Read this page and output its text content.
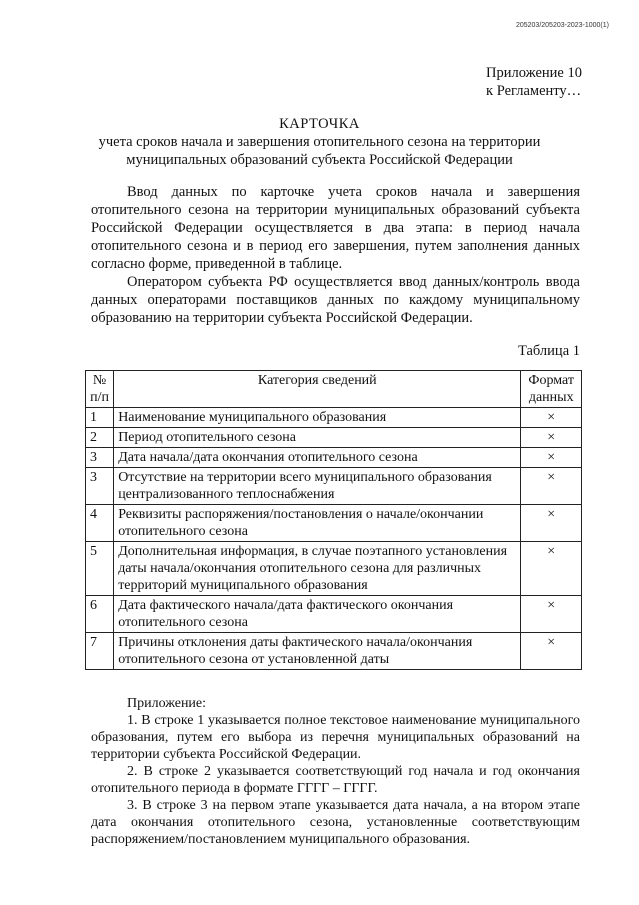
205203/205203-2023-1000(1)
Приложение 10
к Регламенту…
КАРТОЧКА
учета сроков начала и завершения отопительного сезона на территории
муниципальных образований субъекта Российской Федерации

Ввод данных по карточке учета сроков начала и завершения отопительного сезона на территории муниципальных образований субъекта Российской Федерации осуществляется в два этапа: в период начала отопительного сезона и в период его завершения, путем заполнения данных согласно форме, приведенной в таблице.

Оператором субъекта РФ осуществляется ввод данных/контроль ввода данных операторами поставщиков данных по каждому муниципальному образованию на территории субъекта Российской Федерации.

Таблица 1
№ п/п	Категория сведений	Формат данных
1	Наименование муниципального образования	×
2	Период отопительного сезона	×
3	Дата начала/дата окончания отопительного сезона	×
3	Отсутствие на территории всего муниципального образования централизованного теплоснабжения	×
4	Реквизиты распоряжения/постановления о начале/окончании отопительного сезона	×
5	Дополнительная информация, в случае поэтапного установления даты начала/окончания отопительного сезона для различных территорий муниципального образования	×
6	Дата фактического начала/дата фактического окончания отопительного сезона	×
7	Причины отклонения даты фактического начала/окончания отопительного сезона от установленной даты	×
Приложение:

1. В строке 1 указывается полное текстовое наименование муниципального образования, путем его выбора из перечня муниципальных образований на территории субъекта Российской Федерации.

2. В строке 2 указывается соответствующий год начала и год окончания отопительного периода в формате ГГГГ – ГГГГ.

3. В строке 3 на первом этапе указывается дата начала, а на втором этапе дата окончания отопительного сезона, установленные соответствующим распоряжением/постановлением муниципального образования.
